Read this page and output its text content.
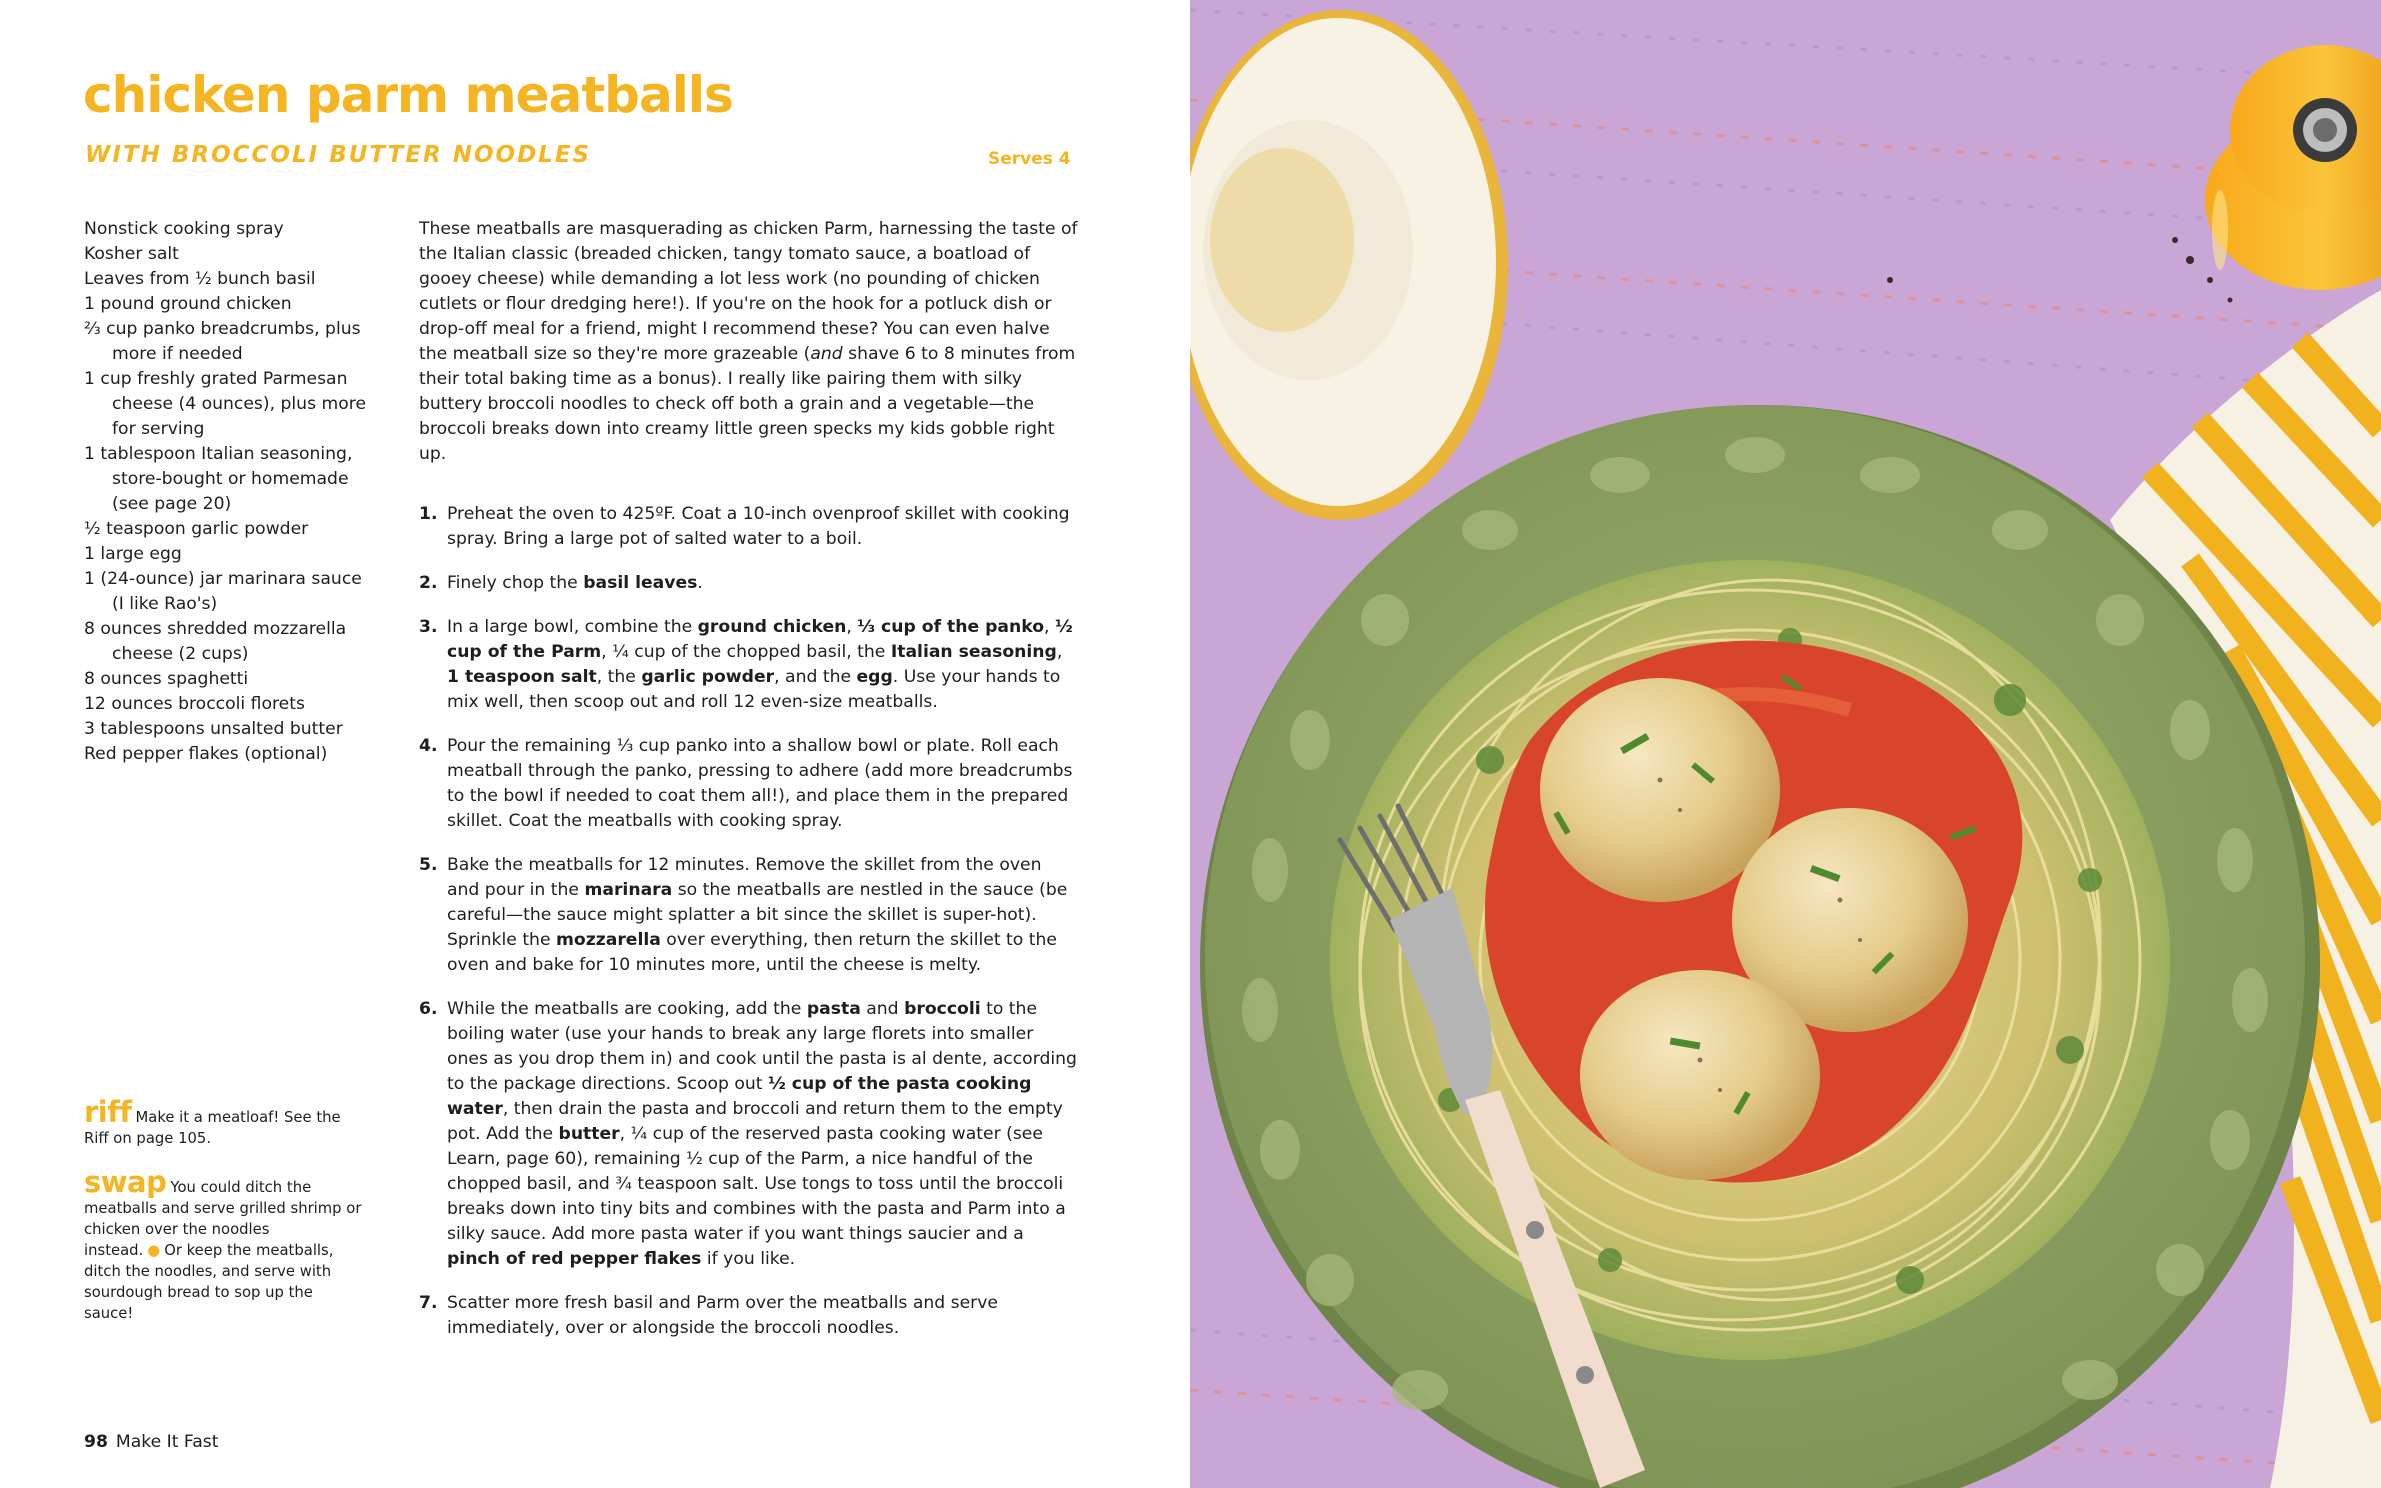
chicken parm meatballs
WITH BROCCOLI BUTTER NOODLES	Serves 4
Nonstick cooking spray
Kosher salt
Leaves from ½ bunch basil
1 pound ground chicken
⅔ cup panko breadcrumbs, plus more if needed
1 cup freshly grated Parmesan cheese (4 ounces), plus more for serving
1 tablespoon Italian seasoning, store-bought or homemade (see page 20)
½ teaspoon garlic powder
1 large egg
1 (24-ounce) jar marinara sauce (I like Rao's)
8 ounces shredded mozzarella cheese (2 cups)
8 ounces spaghetti
12 ounces broccoli florets
3 tablespoons unsalted butter
Red pepper flakes (optional)

These meatballs are masquerading as chicken Parm, harnessing the taste of the Italian classic (breaded chicken, tangy tomato sauce, a boatload of gooey cheese) while demanding a lot less work (no pounding of chicken cutlets or flour dredging here!). If you're on the hook for a potluck dish or drop-off meal for a friend, might I recommend these? You can even halve the meatball size so they're more grazeable (and shave 6 to 8 minutes from their total baking time as a bonus). I really like pairing them with silky buttery broccoli noodles to check off both a grain and a vegetable—the broccoli breaks down into creamy little green specks my kids gobble right up.

1. Preheat the oven to 425ºF. Coat a 10-inch ovenproof skillet with cooking spray. Bring a large pot of salted water to a boil.
2. Finely chop the basil leaves.
3. In a large bowl, combine the ground chicken, ⅓ cup of the panko, ½ cup of the Parm, ¼ cup of the chopped basil, the Italian seasoning, 1 teaspoon salt, the garlic powder, and the egg. Use your hands to mix well, then scoop out and roll 12 even-size meatballs.
4. Pour the remaining ⅓ cup panko into a shallow bowl or plate. Roll each meatball through the panko, pressing to adhere (add more breadcrumbs to the bowl if needed to coat them all!), and place them in the prepared skillet. Coat the meatballs with cooking spray.
5. Bake the meatballs for 12 minutes. Remove the skillet from the oven and pour in the marinara so the meatballs are nestled in the sauce (be careful—the sauce might splatter a bit since the skillet is super-hot). Sprinkle the mozzarella over everything, then return the skillet to the oven and bake for 10 minutes more, until the cheese is melty.
6. While the meatballs are cooking, add the pasta and broccoli to the boiling water (use your hands to break any large florets into smaller ones as you drop them in) and cook until the pasta is al dente, according to the package directions. Scoop out ½ cup of the pasta cooking water, then drain the pasta and broccoli and return them to the empty pot. Add the butter, ¼ cup of the reserved pasta cooking water (see Learn, page 60), remaining ½ cup of the Parm, a nice handful of the chopped basil, and ¾ teaspoon salt. Use tongs to toss until the broccoli breaks down into tiny bits and combines with the pasta and Parm into a silky sauce. Add more pasta water if you want things saucier and a pinch of red pepper flakes if you like.
7. Scatter more fresh basil and Parm over the meatballs and serve immediately, over or alongside the broccoli noodles.
riff Make it a meatloaf! See the Riff on page 105.
swap You could ditch the meatballs and serve grilled shrimp or chicken over the noodles instead. ● Or keep the meatballs, ditch the noodles, and serve with sourdough bread to sop up the sauce!
98 Make It Fast
